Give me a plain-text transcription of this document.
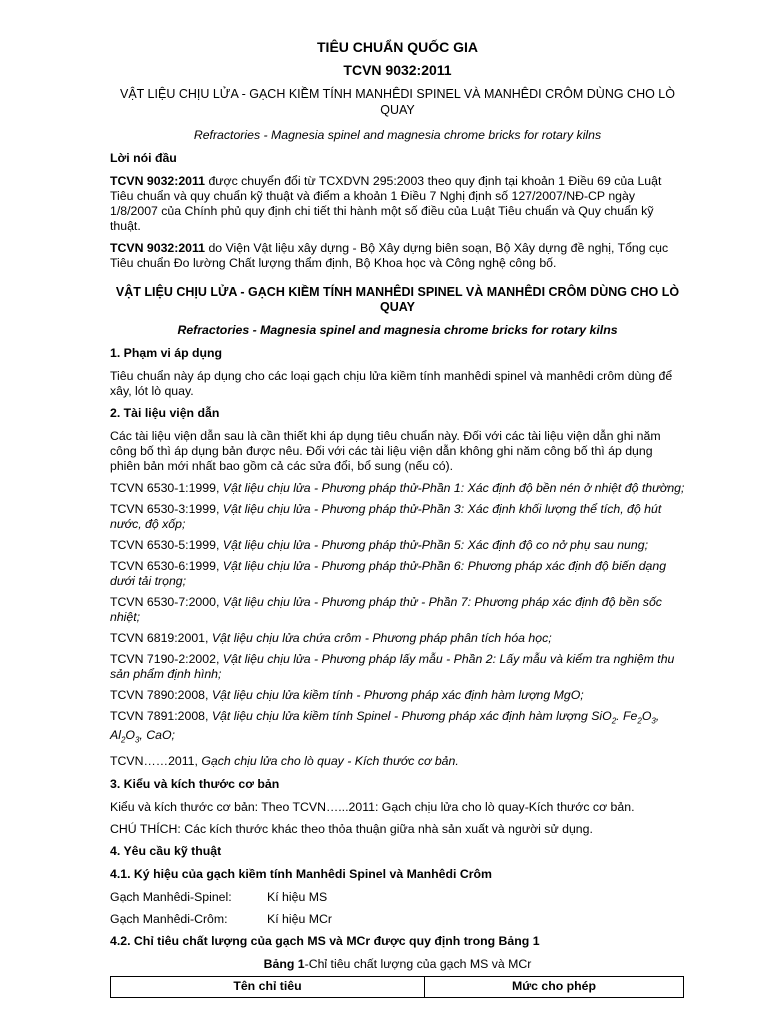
TIÊU CHUẨN QUỐC GIA
TCVN 9032:2011
VẬT LIỆU CHỊU LỬA - GẠCH KIỀM TÍNH MANHÊDI SPINEL VÀ MANHÊDI CRÔM DÙNG CHO LÒ QUAY
Refractories - Magnesia spinel and magnesia chrome bricks for rotary kilns
Lời nói đầu

TCVN 9032:2011 được chuyển đổi từ TCXDVN 295:2003 theo quy định tại khoản 1 Điều 69 của Luật Tiêu chuẩn và quy chuẩn kỹ thuật và điểm a khoản 1 Điều 7 Nghị định số 127/2007/NĐ-CP ngày 1/8/2007 của Chính phủ quy định chi tiết thi hành một số điều của Luật Tiêu chuẩn và Quy chuẩn kỹ thuật.

TCVN 9032:2011 do Viện Vật liệu xây dựng - Bộ Xây dựng biên soạn, Bộ Xây dựng đề nghị, Tổng cục Tiêu chuẩn Đo lường Chất lượng thẩm định, Bộ Khoa học và Công nghệ công bố.

VẬT LIỆU CHỊU LỬA - GẠCH KIỀM TÍNH MANHÊDI SPINEL VÀ MANHÊDI CRÔM DÙNG CHO LÒ QUAY
Refractories - Magnesia spinel and magnesia chrome bricks for rotary kilns
1. Phạm vi áp dụng

Tiêu chuẩn này áp dụng cho các loại gạch chịu lửa kiềm tính manhêdi spinel và manhêdi crôm dùng để xây, lót lò quay.

2. Tài liệu viện dẫn

Các tài liệu viện dẫn sau là cần thiết khi áp dụng tiêu chuẩn này. Đối với các tài liệu viện dẫn ghi năm công bố thì áp dụng bản được nêu. Đối với các tài liệu viện dẫn không ghi năm công bố thì áp dụng phiên bản mới nhất bao gồm cả các sửa đổi, bổ sung (nếu có).

TCVN 6530-1:1999, Vật liệu chịu lửa - Phương pháp thử-Phần 1: Xác định độ bền nén ở nhiệt độ thường;
TCVN 6530-3:1999, Vật liệu chịu lửa - Phương pháp thử-Phần 3: Xác định khối lượng thể tích, độ hút nước, độ xốp;
TCVN 6530-5:1999, Vật liệu chịu lửa - Phương pháp thử-Phần 5: Xác định độ co nở phụ sau nung;
TCVN 6530-6:1999, Vật liệu chịu lửa - Phương pháp thử-Phần 6: Phương pháp xác định độ biến dạng dưới tải trọng;
TCVN 6530-7:2000, Vật liệu chịu lửa - Phương pháp thử - Phần 7: Phương pháp xác định độ bền sốc nhiệt;
TCVN 6819:2001, Vật liệu chịu lửa chứa crôm - Phương pháp phân tích hóa học;
TCVN 7190-2:2002, Vật liệu chịu lửa - Phương pháp lấy mẫu - Phần 2: Lấy mẫu và kiểm tra nghiệm thu sản phẩm định hình;
TCVN 7890:2008, Vật liệu chịu lửa kiềm tính - Phương pháp xác định hàm lượng MgO;
TCVN 7891:2008, Vật liệu chịu lửa kiềm tính Spinel - Phương pháp xác định hàm lượng SiO$_2$. $Fe_2O_3$, $Al_2O_3$, CaO;
TCVN……2011, Gạch chịu lửa cho lò quay - Kích thước cơ bản.
3. Kiểu và kích thước cơ bản

Kiểu và kích thước cơ bản: Theo TCVN…...2011: Gạch chịu lửa cho lò quay-Kích thước cơ bản.

CHÚ THÍCH: Các kích thước khác theo thỏa thuận giữa nhà sản xuất và người sử dụng.

4. Yêu cầu kỹ thuật
4.1. Ký hiệu của gạch kiềm tính Manhêdi Spinel và Manhêdi Crôm
Gạch Manhêdi-Spinel:	Kí hiệu MS
Gạch Manhêdi-Crôm:	Kí hiệu MCr
4.2. Chỉ tiêu chất lượng của gạch MS và MCr được quy định trong Bảng 1
Bảng 1-Chỉ tiêu chất lượng của gạch MS và MCr
Tên chỉ tiêu	Mức cho phép
